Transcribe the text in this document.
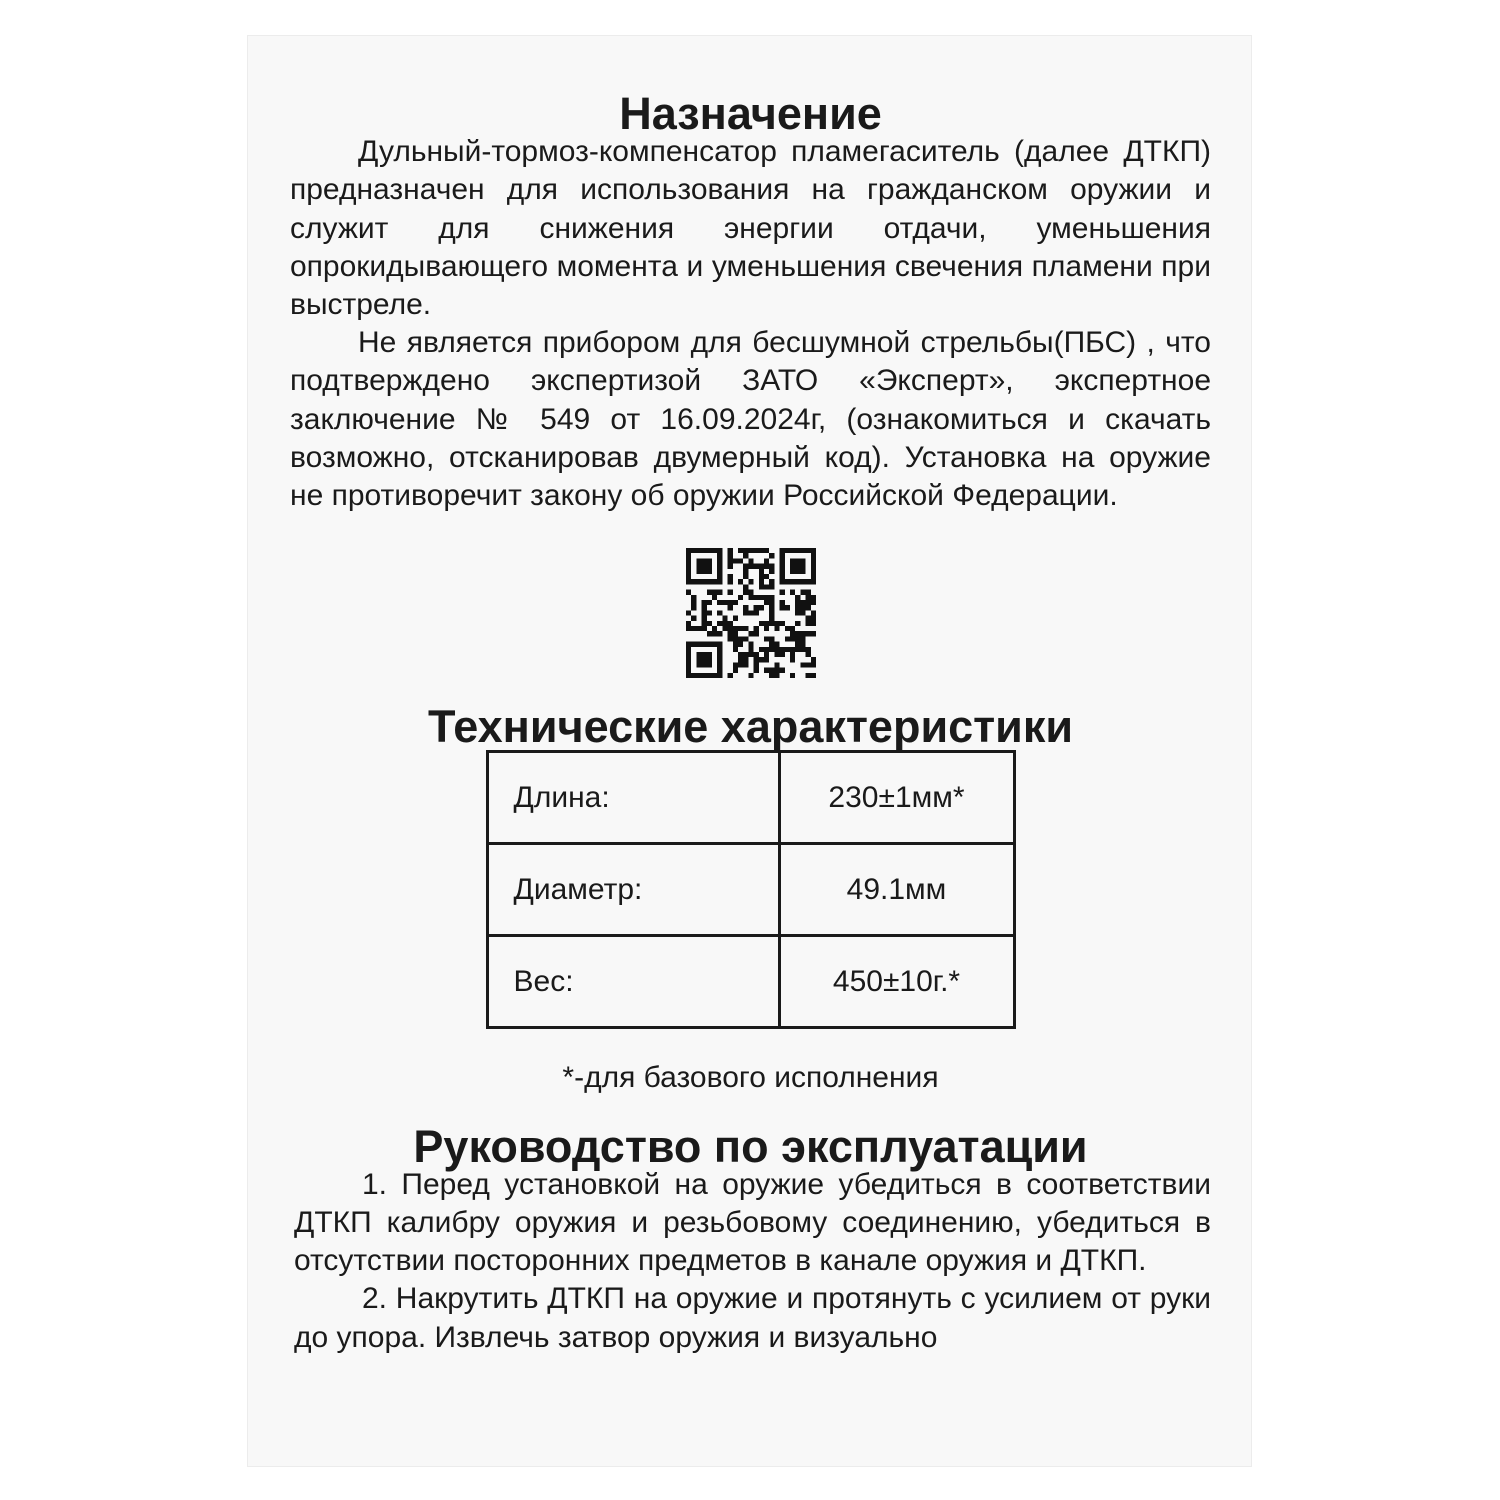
Назначение

Дульный-тормоз-компенсатор пламегаситель (далее ДТКП) предназначен для использования на гражданском оружии и служит для снижения энергии отдачи, уменьшения опрокидывающего момента и уменьшения свечения пламени при выстреле.

Не является прибором для бесшумной стрельбы(ПБС) , что подтверждено экспертизой ЗАТО «Эксперт», экспертное заключение № 549 от 16.09.2024г, (ознакомиться и скачать возможно, отсканировав двумерный код). Установка на оружие не противоречит закону об оружии Российской Федерации.

Технические характеристики
Длина:	230±1мм*
Диаметр:	49.1мм
Вес:	450±10г.*

*-для базового исполнения

Руководство по эксплуатации

1. Перед установкой на оружие убедиться в соответствии ДТКП калибру оружия и резьбовому соединению, убедиться в отсутствии посторонних предметов в канале оружия и ДТКП.

2. Накрутить ДТКП на оружие и протянуть с усилием от руки до упора. Извлечь затвор оружия и визуально
